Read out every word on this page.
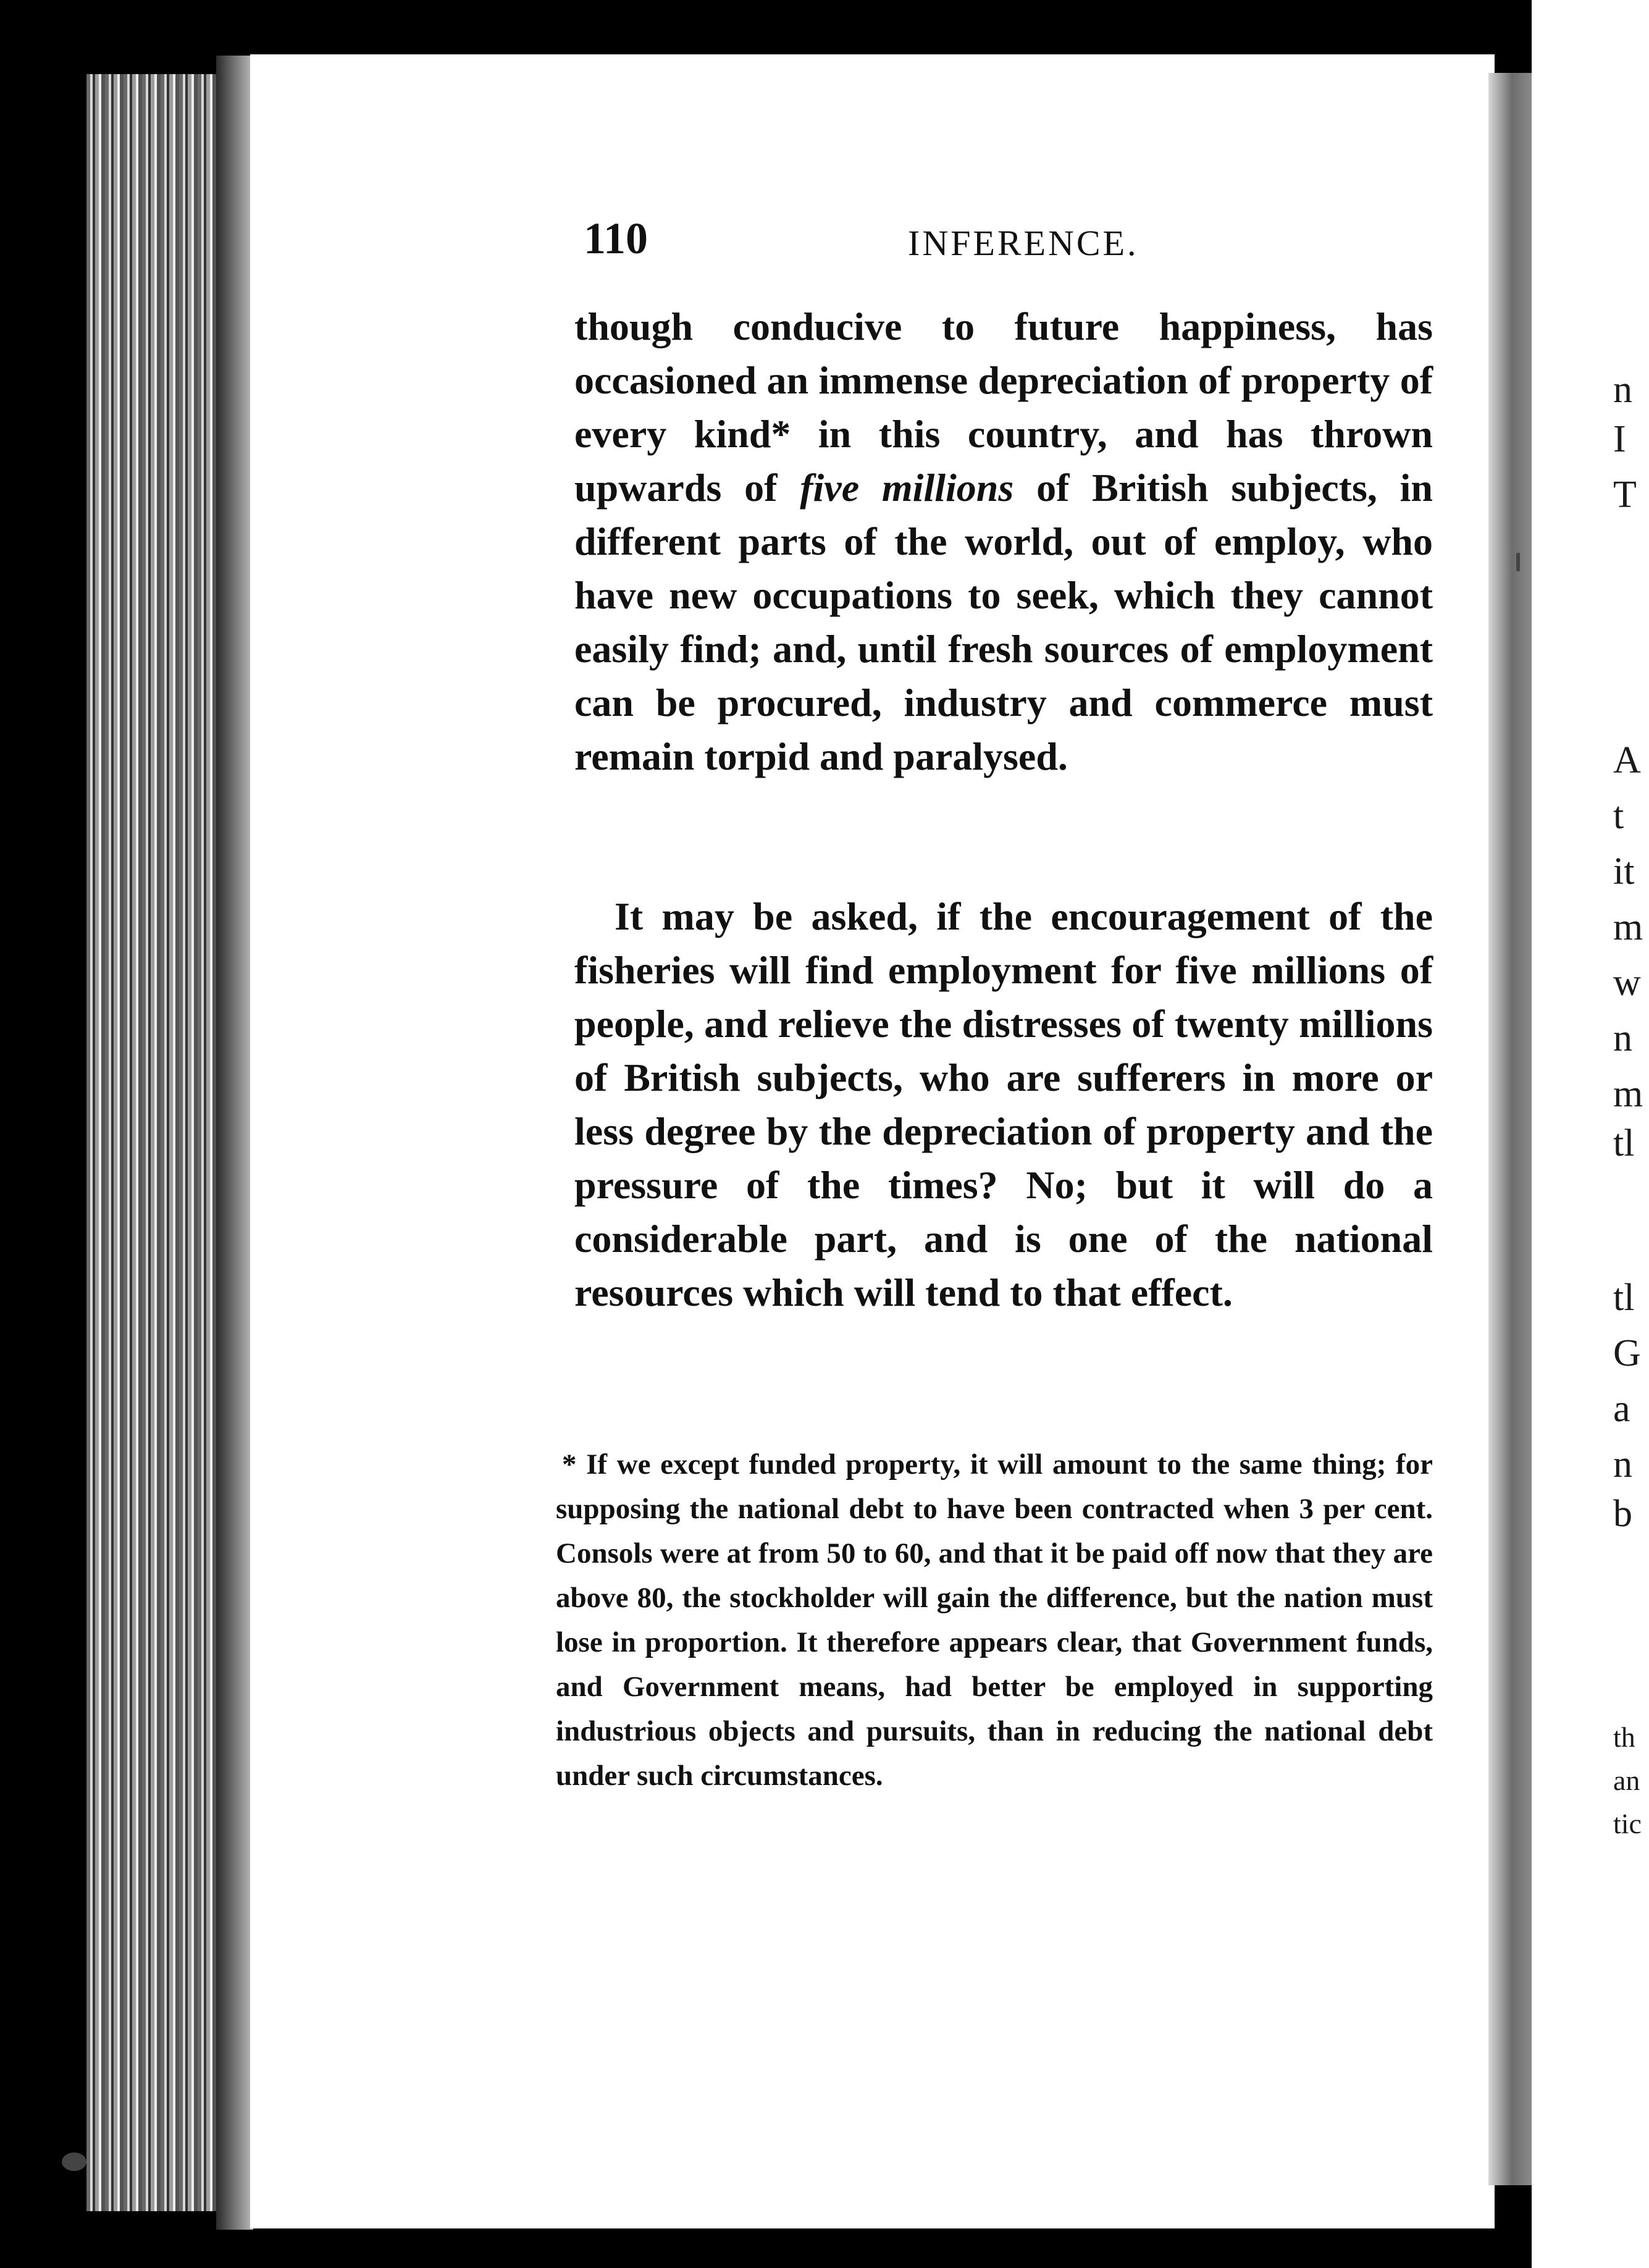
n
I
T
A
t
it
m
w
n
m
tl
tl
G
a
n
b
th
an
tic
110	INFERENCE.

though conducive to future happiness, has occasioned an immense depreciation of property of every kind* in this country, and has thrown upwards of five millions of British subjects, in different parts of the world, out of employ, who have new occupations to seek, which they cannot easily find; and, until fresh sources of employment can be procured, industry and commerce must remain torpid and paralysed.

It may be asked, if the encouragement of the fisheries will find employment for five millions of people, and relieve the distresses of twenty millions of British subjects, who are sufferers in more or less degree by the depreciation of property and the pressure of the times? No; but it will do a considerable part, and is one of the national resources which will tend to that effect.

* If we except funded property, it will amount to the same thing; for supposing the national debt to have been contracted when 3 per cent. Consols were at from 50 to 60, and that it be paid off now that they are above 80, the stockholder will gain the difference, but the nation must lose in proportion. It therefore appears clear, that Government funds, and Government means, had better be employed in supporting industrious objects and pursuits, than in reducing the national debt under such circumstances.
